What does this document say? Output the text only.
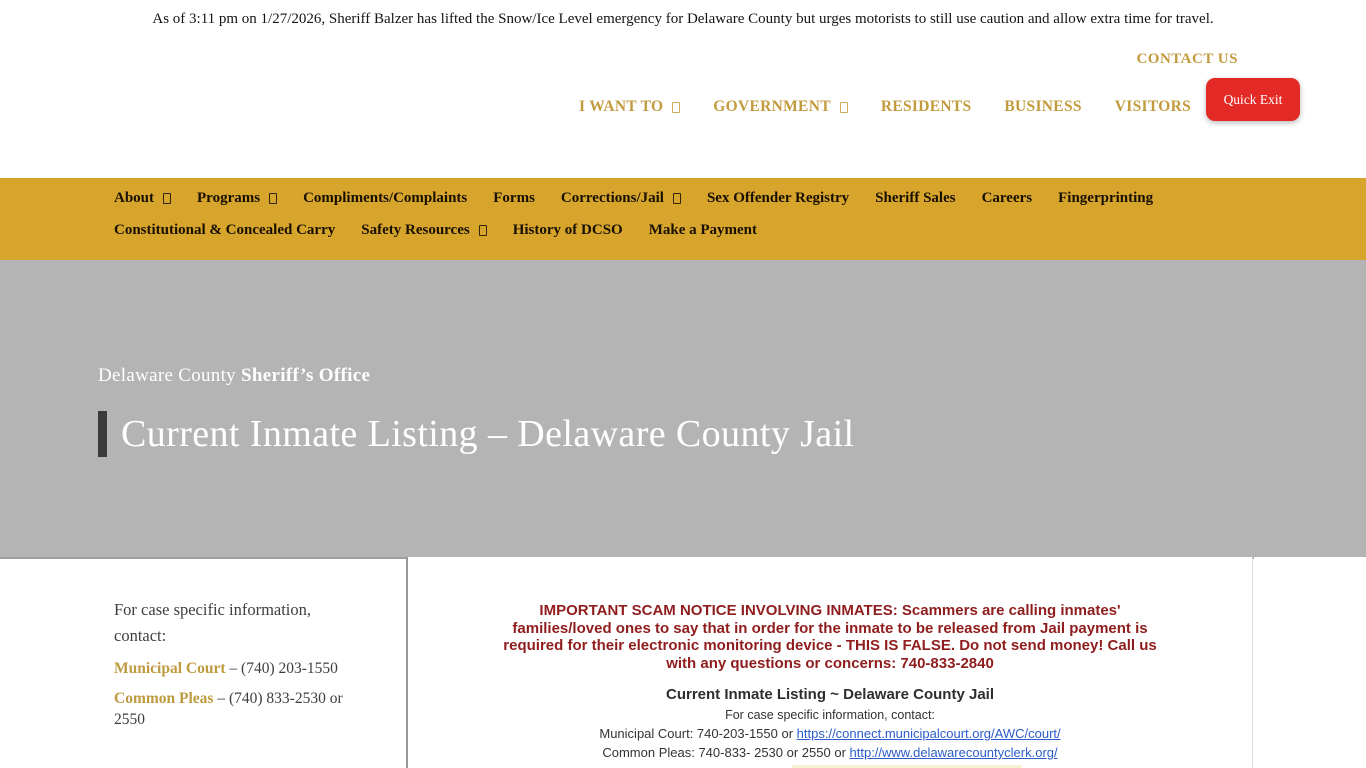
As of 3:11 pm on 1/27/2026, Sheriff Balzer has lifted the Snow/Ice Level emergency for Delaware County but urges motorists to still use caution and allow extra time for travel.
CONTACT US
I WANT TO	GOVERNMENT	RESIDENTS BUSINESS VISITORS	Quick Exit
About	Programs	Compliments/Complaints Forms Corrections/Jail	Sex Offender Registry Sheriff Sales Careers Fingerprinting
Constitutional & Concealed Carry Safety Resources	History of DCSO Make a Payment
Delaware County Sheriff’s Office
Current Inmate Listing – Delaware County Jail
For case specific information, contact:
Municipal Court – (740) 203-1550
Common Pleas – (740) 833-2530 or 2550
IMPORTANT SCAM NOTICE INVOLVING INMATES: Scammers are calling inmates'
families/loved ones to say that in order for the inmate to be released from Jail payment is
required for their electronic monitoring device - THIS IS FALSE. Do not send money! Call us
with any questions or concerns: 740-833-2840
Current Inmate Listing ~ Delaware County Jail
For case specific information, contact:
Municipal Court: 740-203-1550 or https://connect.municipalcourt.org/AWC/court/
Common Pleas: 740-833- 2530 or 2550 or http://www.delawarecountyclerk.org/
